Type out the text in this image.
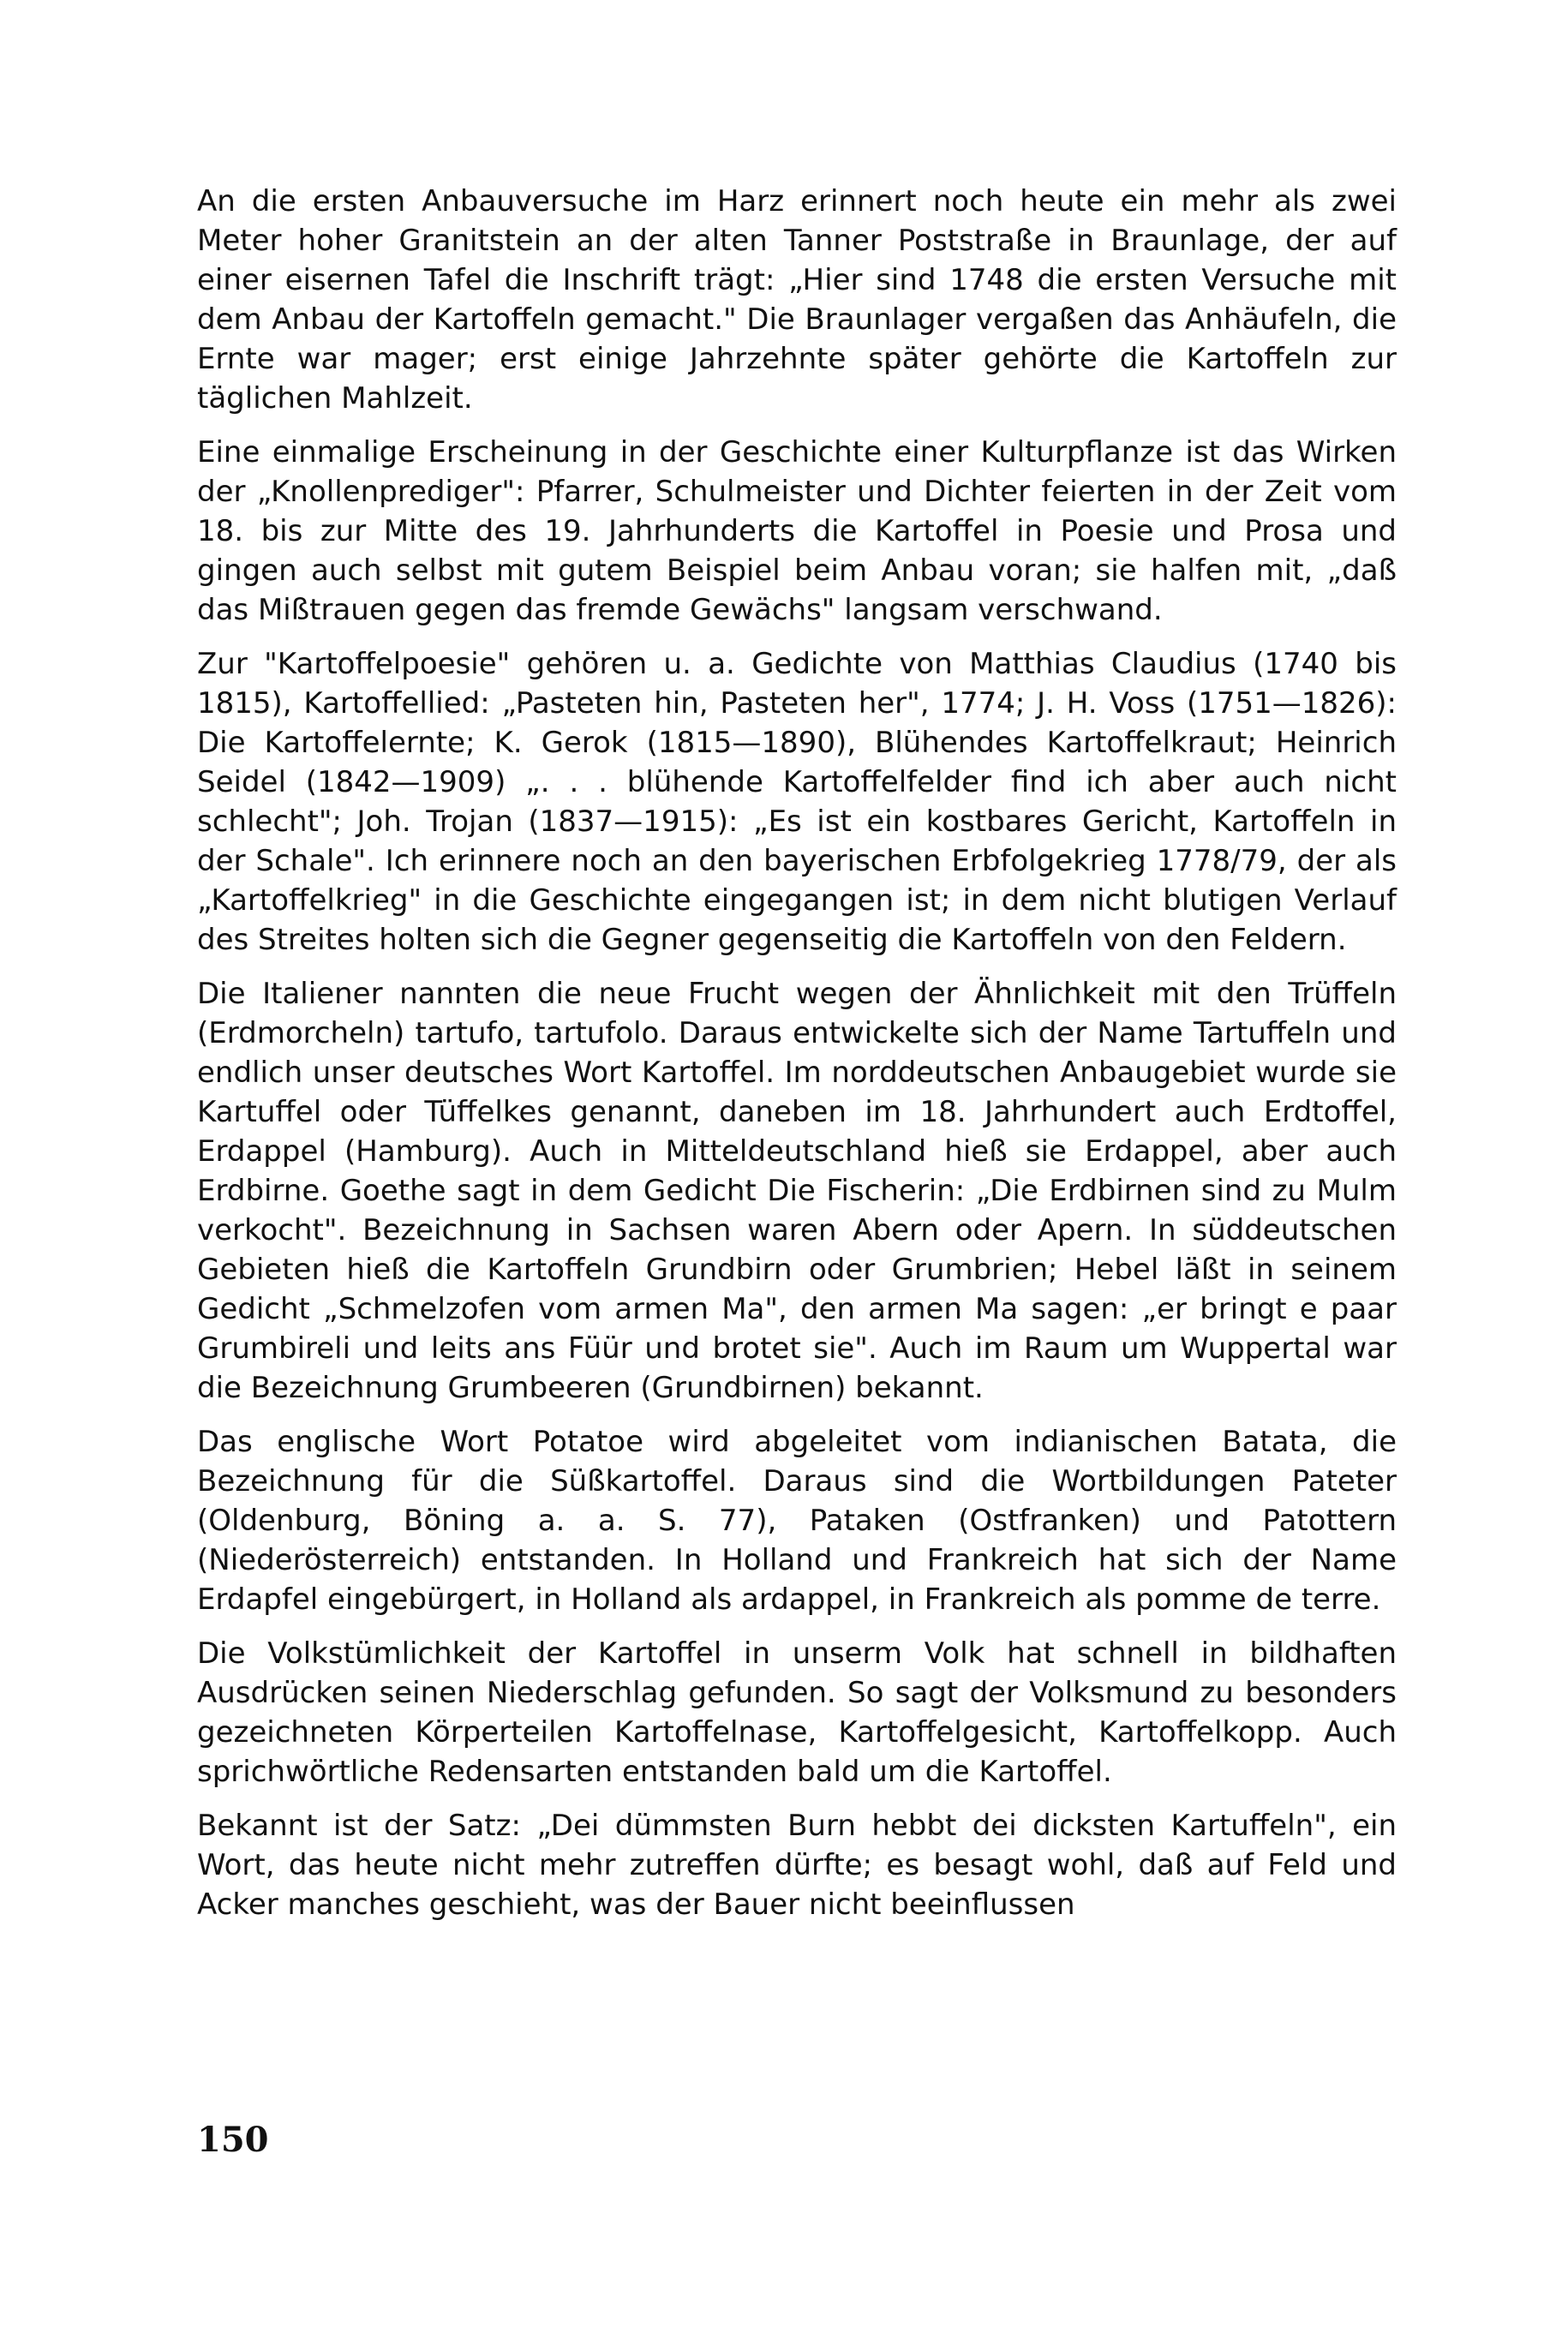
An die ersten Anbauversuche im Harz erinnert noch heute ein mehr als zwei Meter hoher Granitstein an der alten Tanner Poststraße in Braunlage, der auf einer eisernen Tafel die Inschrift trägt: „Hier sind 1748 die ersten Versuche mit dem Anbau der Kartoffeln gemacht." Die Braunlager vergaßen das Anhäufeln, die Ernte war mager; erst einige Jahrzehnte später gehörte die Kartoffeln zur täglichen Mahlzeit.

Eine einmalige Erscheinung in der Geschichte einer Kulturpflanze ist das Wirken der „Knollenprediger": Pfarrer, Schulmeister und Dichter feierten in der Zeit vom 18. bis zur Mitte des 19. Jahrhunderts die Kartoffel in Poesie und Prosa und gingen auch selbst mit gutem Beispiel beim Anbau voran; sie halfen mit, „daß das Mißtrauen gegen das fremde Gewächs" langsam verschwand.

Zur "Kartoffelpoesie" gehören u. a. Gedichte von Matthias Claudius (1740 bis 1815), Kartoffellied: „Pasteten hin, Pasteten her", 1774; J. H. Voss (1751—1826): Die Kartoffelernte; K. Gerok (1815—1890), Blühendes Kartoffelkraut; Heinrich Seidel (1842—1909) „. . . blühende Kartoffelfelder find ich aber auch nicht schlecht"; Joh. Trojan (1837—1915): „Es ist ein kostbares Gericht, Kartoffeln in der Schale". Ich erinnere noch an den bayerischen Erbfolgekrieg 1778/79, der als „Kartoffelkrieg" in die Geschichte eingegangen ist; in dem nicht blutigen Verlauf des Streites holten sich die Gegner gegenseitig die Kartoffeln von den Feldern.

Die Italiener nannten die neue Frucht wegen der Ähnlichkeit mit den Trüffeln (Erdmorcheln) tartufo, tartufolo. Daraus entwickelte sich der Name Tartuffeln und endlich unser deutsches Wort Kartoffel. Im norddeutschen Anbaugebiet wurde sie Kartuffel oder Tüffelkes genannt, daneben im 18. Jahrhundert auch Erdtoffel, Erdappel (Hamburg). Auch in Mitteldeutschland hieß sie Erdappel, aber auch Erdbirne. Goethe sagt in dem Gedicht Die Fischerin: „Die Erdbirnen sind zu Mulm verkocht". Bezeichnung in Sachsen waren Abern oder Apern. In süddeutschen Gebieten hieß die Kartoffeln Grundbirn oder Grumbrien; Hebel läßt in seinem Gedicht „Schmelzofen vom armen Ma", den armen Ma sagen: „er bringt e paar Grumbireli und leits ans Füür und brotet sie". Auch im Raum um Wuppertal war die Bezeichnung Grumbeeren (Grundbirnen) bekannt.

Das englische Wort Potatoe wird abgeleitet vom indianischen Batata, die Bezeichnung für die Süßkartoffel. Daraus sind die Wortbildungen Pateter (Oldenburg, Böning a. a. S. 77), Pataken (Ostfranken) und Patottern (Niederösterreich) entstanden. In Holland und Frankreich hat sich der Name Erdapfel eingebürgert, in Holland als ardappel, in Frankreich als pomme de terre.

Die Volkstümlichkeit der Kartoffel in unserm Volk hat schnell in bildhaften Ausdrücken seinen Niederschlag gefunden. So sagt der Volksmund zu besonders gezeichneten Körperteilen Kartoffelnase, Kartoffelgesicht, Kartoffelkopp. Auch sprichwörtliche Redensarten entstanden bald um die Kartoffel.

Bekannt ist der Satz: „Dei dümmsten Burn hebbt dei dicksten Kartuffeln", ein Wort, das heute nicht mehr zutreffen dürfte; es besagt wohl, daß auf Feld und Acker manches geschieht, was der Bauer nicht beeinflussen

150
